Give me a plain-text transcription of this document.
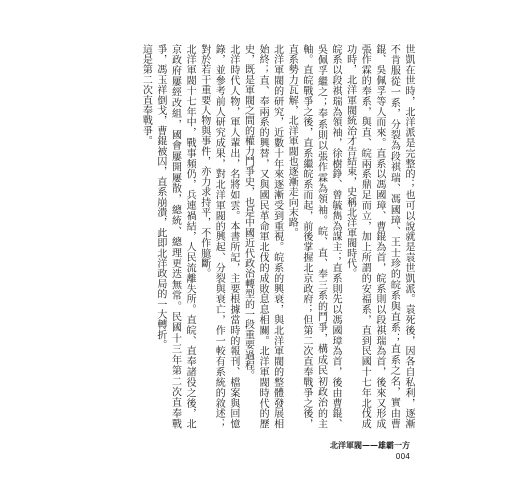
世凱在世時，北洋派是完整的；也可以說就是袁世凱派。袁死後，因各自私利，逐漸不肯服從一系，分裂為段祺瑞、馮國璋、王士珍的皖系與直系；直系之名，實由曹錕、吳佩孚等人而來。直系以馮國璋、曹錕為首，皖系則以段祺瑞為首，後來又形成張作霖的奉系，與直、皖兩系鼎足而立，加上所謂的安福系，直到民國十七年北伐成功時，北洋軍閥統治才告結束，史稱北洋軍閥時代。

皖系以段祺瑞為領袖，徐樹錚、曾毓雋為謀主；直系則先以馮國璋為首，後由曹錕、吳佩孚繼之；奉系則以張作霖為領袖。皖、直、奉三系的鬥爭，構成民初政治的主軸。直皖戰爭之後，直系繼皖系而起，前後掌握北京政府；但第二次直奉戰爭之後，直系勢力瓦解，北洋軍閥也逐漸走向末路。

北洋軍閥的研究，近數十年來逐漸受到重視。皖系的興衰，與北洋軍閥的整體發展相始終；直、奉兩系的興替，又與國民革命軍北伐的成敗息息相關。北洋軍閥時代的歷史，既是軍閥之間的權力鬥爭史，也是中國近代政治轉型的一段重要過程。

北洋時代人物，軍人輩出，名將如雲。本書所記，主要根據當時的報刊、檔案與回憶錄，並參考前人研究成果，對北洋軍閥的興起、分裂與衰亡，作一較有系統的敘述；對於若干重要人物與事件，亦力求持平，不作臆斷。

北洋軍閥十七年中，戰事頻仍，兵連禍結，人民流離失所。直皖、直奉諸役之後，北京政府屢經改組，國會屢開屢散，總統、總理更迭無常。民國十三年第二次直奉戰爭，馮玉祥倒戈，曹錕被囚，直系崩潰，此即北洋政局的一大轉折。

這是第二次直奉戰爭。

北洋軍閥——雄霸一方
004
